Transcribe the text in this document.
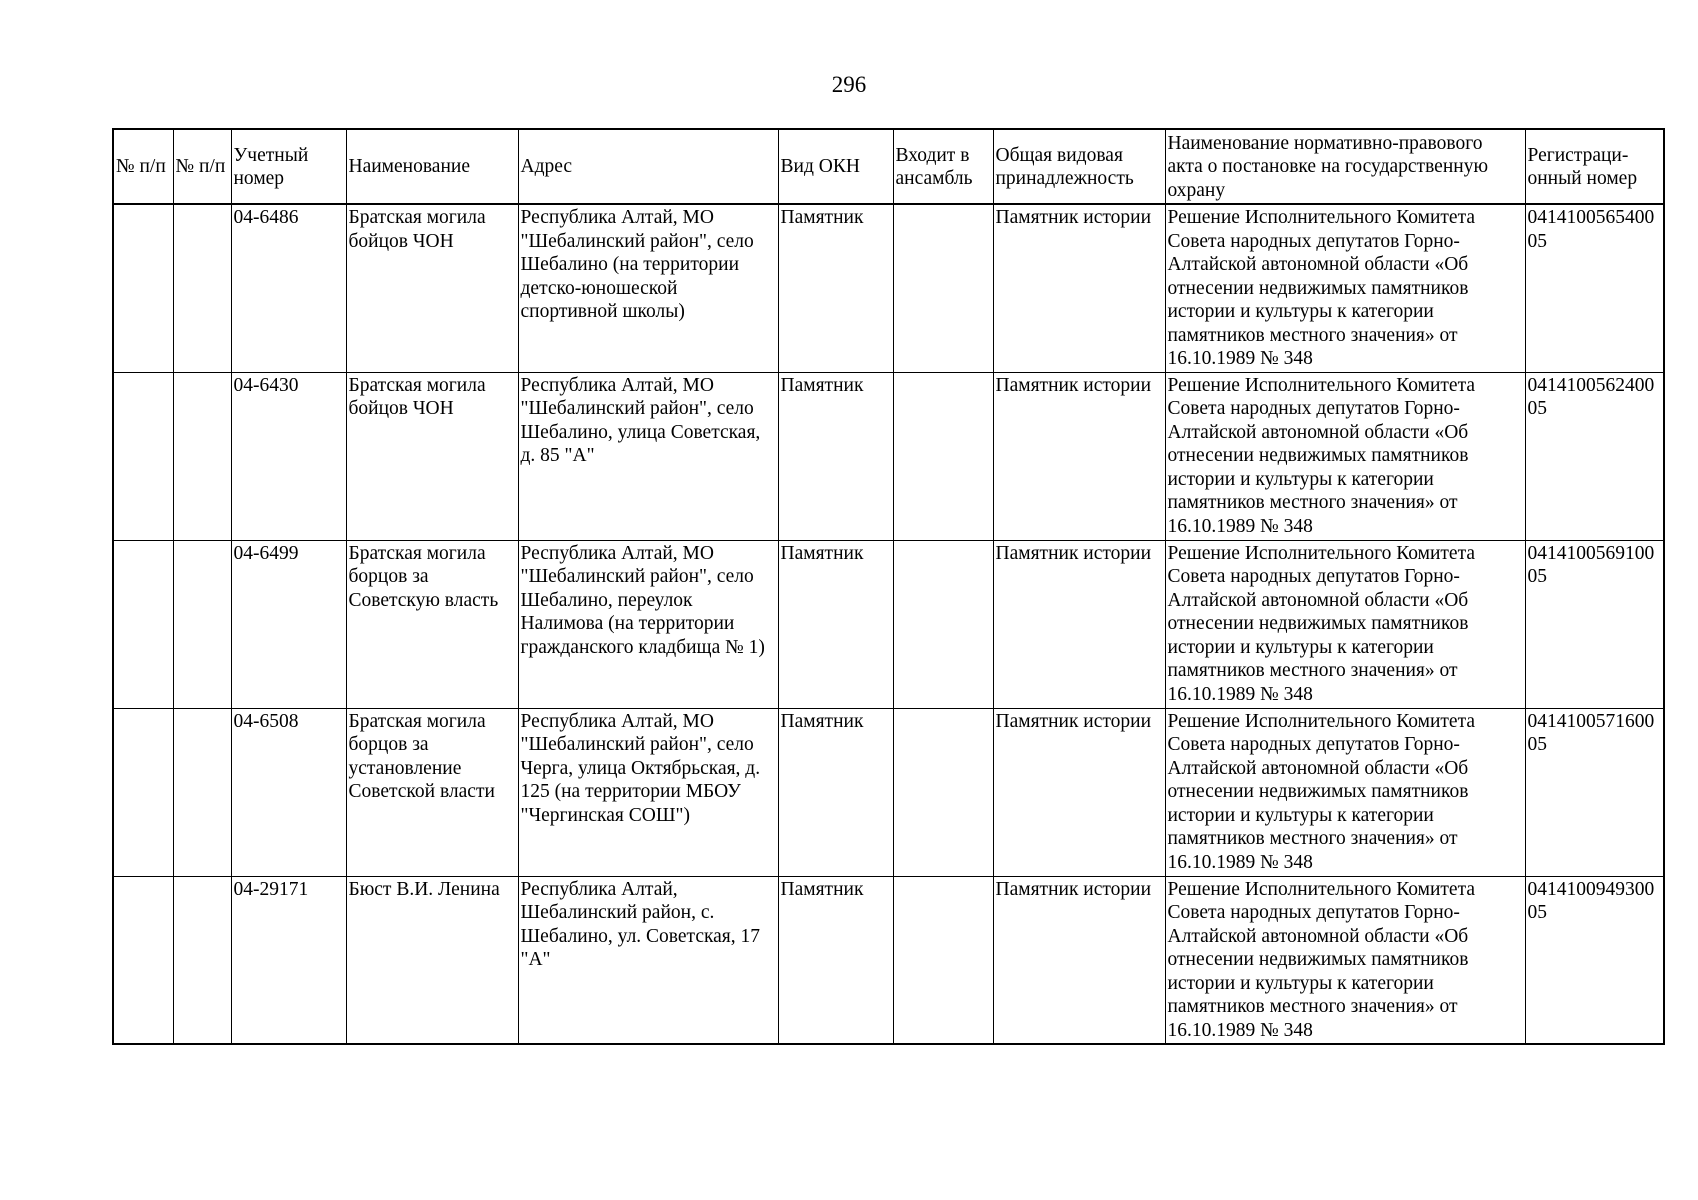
296
№ п/п	№ п/п	Учетный номер	Наименование	Адрес	Вид ОКН	Входит в ансамбль	Общая видовая принадлежность	Наименование нормативно-правового акта о постановке на государственную охрану	Регистраци-онный номер
		04-6486	Братская могила бойцов ЧОН	Республика Алтай, МО "Шебалинский район", село Шебалино (на территории детско-юношеской спортивной школы)	Памятник		Памятник истории	Решение Исполнительного Комитета Совета народных депутатов Горно-Алтайской автономной области «Об отнесении недвижимых памятников истории и культуры к категории памятников местного значения» от 16.10.1989 № 348	041410056540005
		04-6430	Братская могила бойцов ЧОН	Республика Алтай, МО "Шебалинский район", село Шебалино, улица Советская, д. 85 "А"	Памятник		Памятник истории	Решение Исполнительного Комитета Совета народных депутатов Горно-Алтайской автономной области «Об отнесении недвижимых памятников истории и культуры к категории памятников местного значения» от 16.10.1989 № 348	041410056240005
		04-6499	Братская могила борцов за Советскую власть	Республика Алтай, МО "Шебалинский район", село Шебалино, переулок Налимова (на территории гражданского кладбища № 1)	Памятник		Памятник истории	Решение Исполнительного Комитета Совета народных депутатов Горно-Алтайской автономной области «Об отнесении недвижимых памятников истории и культуры к категории памятников местного значения» от 16.10.1989 № 348	041410056910005
		04-6508	Братская могила борцов за установление Советской власти	Республика Алтай, МО "Шебалинский район", село Черга, улица Октябрьская, д. 125 (на территории МБОУ "Чергинская СОШ")	Памятник		Памятник истории	Решение Исполнительного Комитета Совета народных депутатов Горно-Алтайской автономной области «Об отнесении недвижимых памятников истории и культуры к категории памятников местного значения» от 16.10.1989 № 348	041410057160005
		04-29171	Бюст В.И. Ленина	Республика Алтай, Шебалинский район, с. Шебалино, ул. Советская, 17 "А"	Памятник		Памятник истории	Решение Исполнительного Комитета Совета народных депутатов Горно-Алтайской автономной области «Об отнесении недвижимых памятников истории и культуры к категории памятников местного значения» от 16.10.1989 № 348	041410094930005
